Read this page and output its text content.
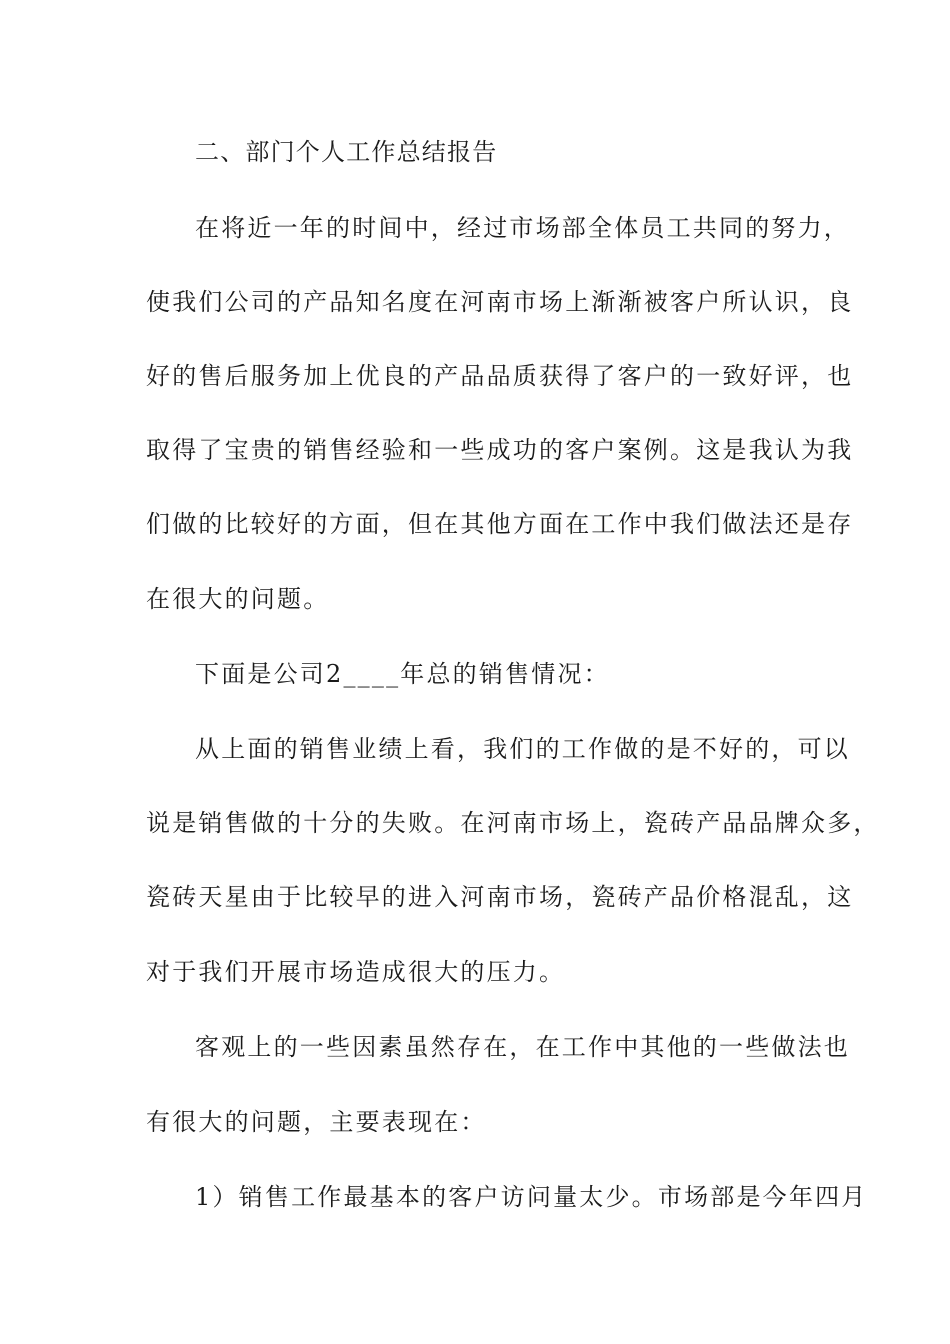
二、部门个人工作总结报告
在将近一年的时间中，经过市场部全体员工共同的努力，
使我们公司的产品知名度在河南市场上渐渐被客户所认识，良
好的售后服务加上优良的产品品质获得了客户的一致好评，也
取得了宝贵的销售经验和一些成功的客户案例。这是我认为我
们做的比较好的方面，但在其他方面在工作中我们做法还是存
在很大的问题。
下面是公司2____年总的销售情况：
从上面的销售业绩上看，我们的工作做的是不好的，可以
说是销售做的十分的失败。在河南市场上，瓷砖产品品牌众多，
瓷砖天星由于比较早的进入河南市场，瓷砖产品价格混乱，这
对于我们开展市场造成很大的压力。
客观上的一些因素虽然存在，在工作中其他的一些做法也
有很大的问题，主要表现在：
1）销售工作最基本的客户访问量太少。市场部是今年四月
